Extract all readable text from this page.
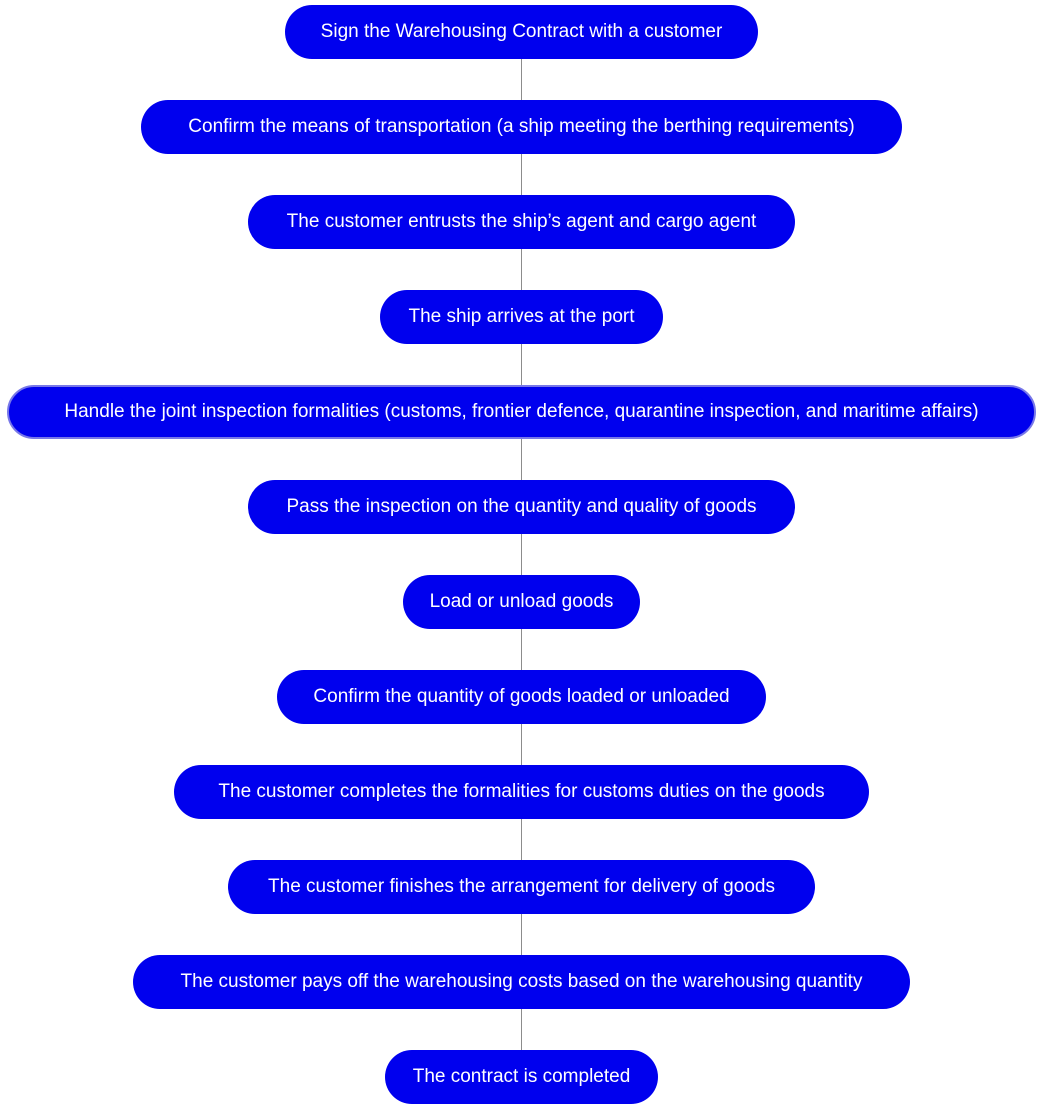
Sign the Warehousing Contract with a customer
Confirm the means of transportation (a ship meeting the berthing requirements)
The customer entrusts the ship’s agent and cargo agent
The ship arrives at the port
Handle the joint inspection formalities (customs, frontier defence, quarantine inspection, and maritime affairs)
Pass the inspection on the quantity and quality of goods
Load or unload goods
Confirm the quantity of goods loaded or unloaded
The customer completes the formalities for customs duties on the goods
The customer finishes the arrangement for delivery of goods
The customer pays off the warehousing costs based on the warehousing quantity
The contract is completed
